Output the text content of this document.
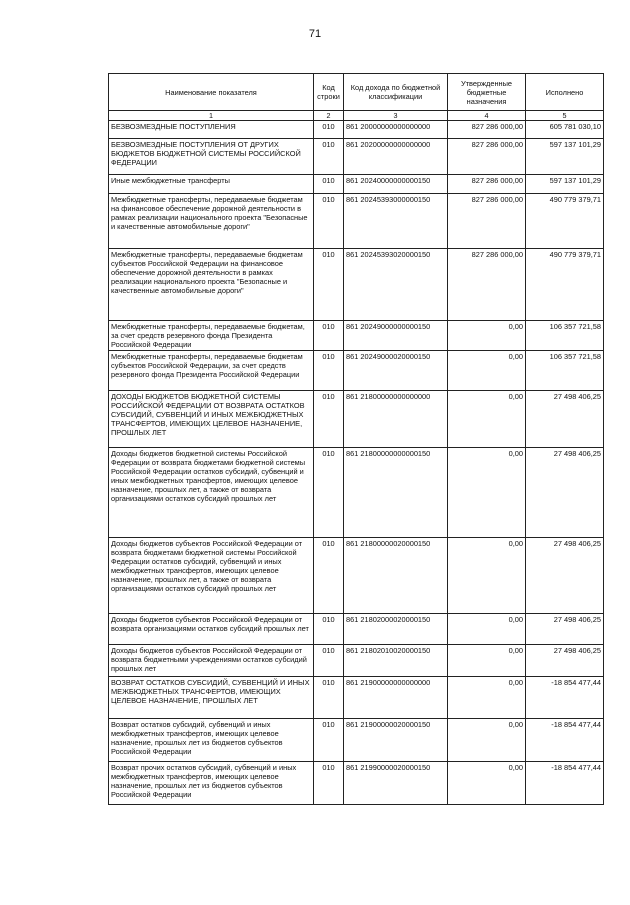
71
Наименование показателя	Код строки	Код дохода по бюджетной классификации	Утвержденные бюджетные назначения	Исполнено
1	2	3	4	5
БЕЗВОЗМЕЗДНЫЕ ПОСТУПЛЕНИЯ	010	861 20000000000000000	827 286 000,00	605 781 030,10
БЕЗВОЗМЕЗДНЫЕ ПОСТУПЛЕНИЯ ОТ ДРУГИХ БЮДЖЕТОВ БЮДЖЕТНОЙ СИСТЕМЫ РОССИЙСКОЙ ФЕДЕРАЦИИ	010	861 20200000000000000	827 286 000,00	597 137 101,29
Иные межбюджетные трансферты	010	861 20240000000000150	827 286 000,00	597 137 101,29
Межбюджетные трансферты, передаваемые бюджетам на финансовое обеспечение дорожной деятельности в рамках реализации национального проекта "Безопасные и качественные автомобильные дороги"	010	861 20245393000000150	827 286 000,00	490 779 379,71
Межбюджетные трансферты, передаваемые бюджетам субъектов Российской Федерации на финансовое обеспечение дорожной деятельности в рамках реализации национального проекта "Безопасные и качественные автомобильные дороги"	010	861 20245393020000150	827 286 000,00	490 779 379,71
Межбюджетные трансферты, передаваемые бюджетам, за счет средств резервного фонда Президента Российской Федерации	010	861 20249000000000150	0,00	106 357 721,58
Межбюджетные трансферты, передаваемые бюджетам субъектов Российской Федерации, за счет средств резервного фонда Президента Российской Федерации	010	861 20249000020000150	0,00	106 357 721,58
ДОХОДЫ БЮДЖЕТОВ БЮДЖЕТНОЙ СИСТЕМЫ РОССИЙСКОЙ ФЕДЕРАЦИИ ОТ ВОЗВРАТА ОСТАТКОВ СУБСИДИЙ, СУБВЕНЦИЙ И ИНЫХ МЕЖБЮДЖЕТНЫХ ТРАНСФЕРТОВ, ИМЕЮЩИХ ЦЕЛЕВОЕ НАЗНАЧЕНИЕ, ПРОШЛЫХ ЛЕТ	010	861 21800000000000000	0,00	27 498 406,25
Доходы бюджетов бюджетной системы Российской Федерации от возврата бюджетами бюджетной системы Российской Федерации остатков субсидий, субвенций и иных межбюджетных трансфертов, имеющих целевое назначение, прошлых лет, а также от возврата организациями остатков субсидий прошлых лет	010	861 21800000000000150	0,00	27 498 406,25
Доходы бюджетов субъектов Российской Федерации от возврата бюджетами бюджетной системы Российской Федерации остатков субсидий, субвенций и иных межбюджетных трансфертов, имеющих целевое назначение, прошлых лет, а также от возврата организациями остатков субсидий прошлых лет	010	861 21800000020000150	0,00	27 498 406,25
Доходы бюджетов субъектов Российской Федерации от возврата организациями остатков субсидий прошлых лет	010	861 21802000020000150	0,00	27 498 406,25
Доходы бюджетов субъектов Российской Федерации от возврата бюджетными учреждениями остатков субсидий прошлых лет	010	861 21802010020000150	0,00	27 498 406,25
ВОЗВРАТ ОСТАТКОВ СУБСИДИЙ, СУБВЕНЦИЙ И ИНЫХ МЕЖБЮДЖЕТНЫХ ТРАНСФЕРТОВ, ИМЕЮЩИХ ЦЕЛЕВОЕ НАЗНАЧЕНИЕ, ПРОШЛЫХ ЛЕТ	010	861 21900000000000000	0,00	-18 854 477,44
Возврат остатков субсидий, субвенций и иных межбюджетных трансфертов, имеющих целевое назначение, прошлых лет из бюджетов субъектов Российской Федерации	010	861 21900000020000150	0,00	-18 854 477,44
Возврат прочих остатков субсидий, субвенций и иных межбюджетных трансфертов, имеющих целевое назначение, прошлых лет из бюджетов субъектов Российской Федерации	010	861 21990000020000150	0,00	-18 854 477,44
